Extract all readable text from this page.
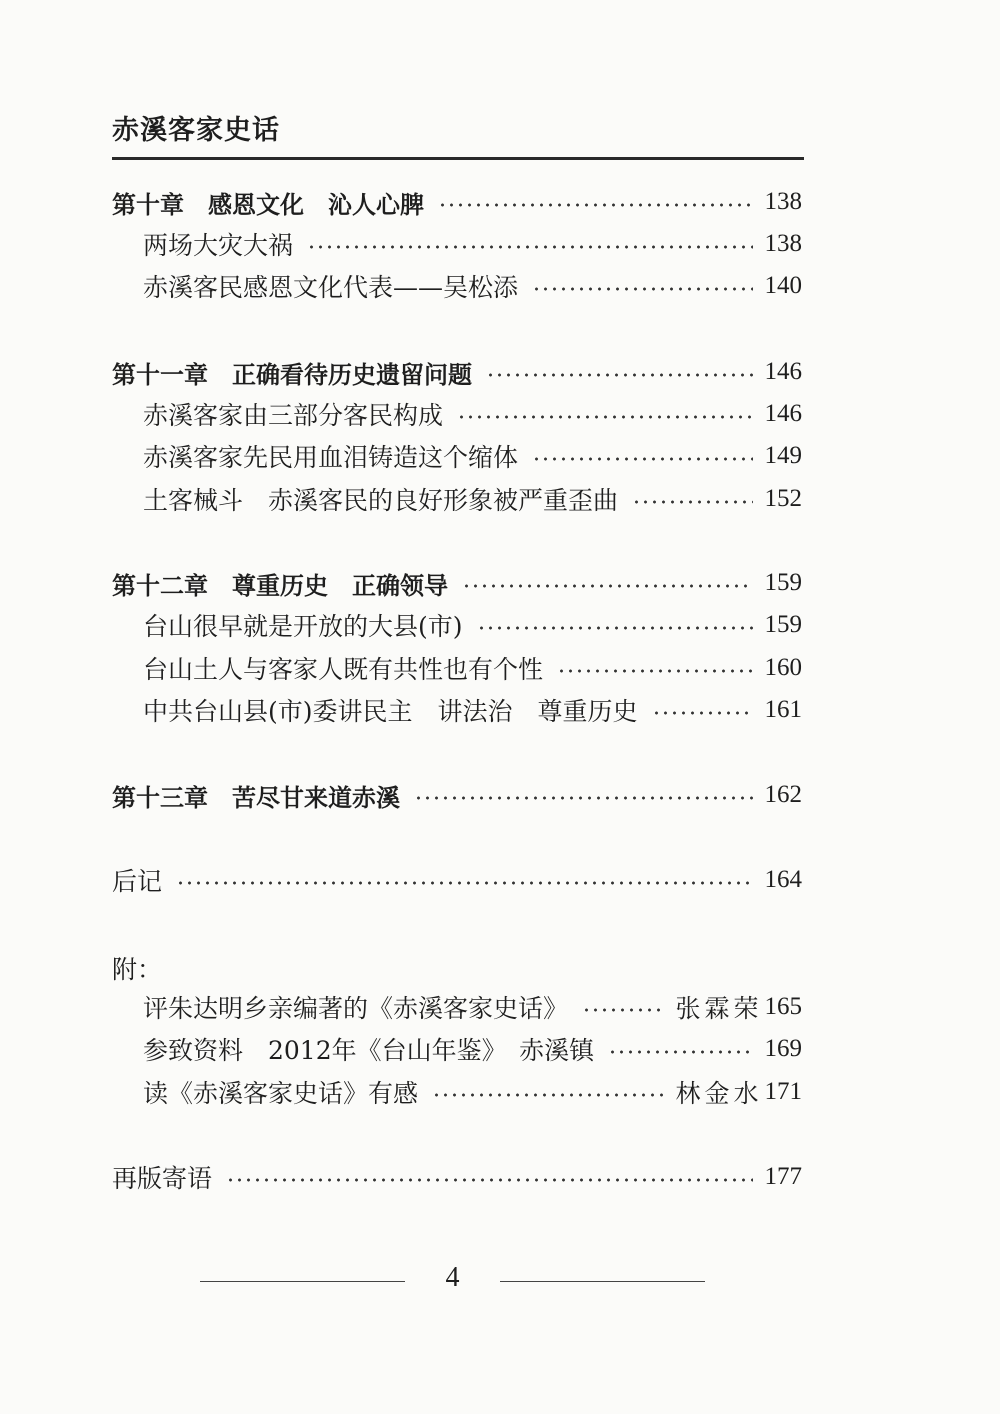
赤溪客家史话
第十章　感恩文化　沁人心脾	138
两场大灾大祸	138
赤溪客民感恩文化代表——吴松添	140
第十一章　正确看待历史遗留问题	146
赤溪客家由三部分客民构成	146
赤溪客家先民用血泪铸造这个缩体	149
土客械斗　赤溪客民的良好形象被严重歪曲	152
第十二章　尊重历史　正确领导	159
台山很早就是开放的大县(市)	159
台山土人与客家人既有共性也有个性	160
中共台山县(市)委讲民主　讲法治　尊重历史	161
第十三章　苦尽甘来道赤溪	162
后记	164
附：
评朱达明乡亲编著的《赤溪客家史话》	张霖荣 165
参致资料　2012年《台山年鉴》　赤溪镇	169
读《赤溪客家史话》有感	林金水 171
再版寄语	177
4
